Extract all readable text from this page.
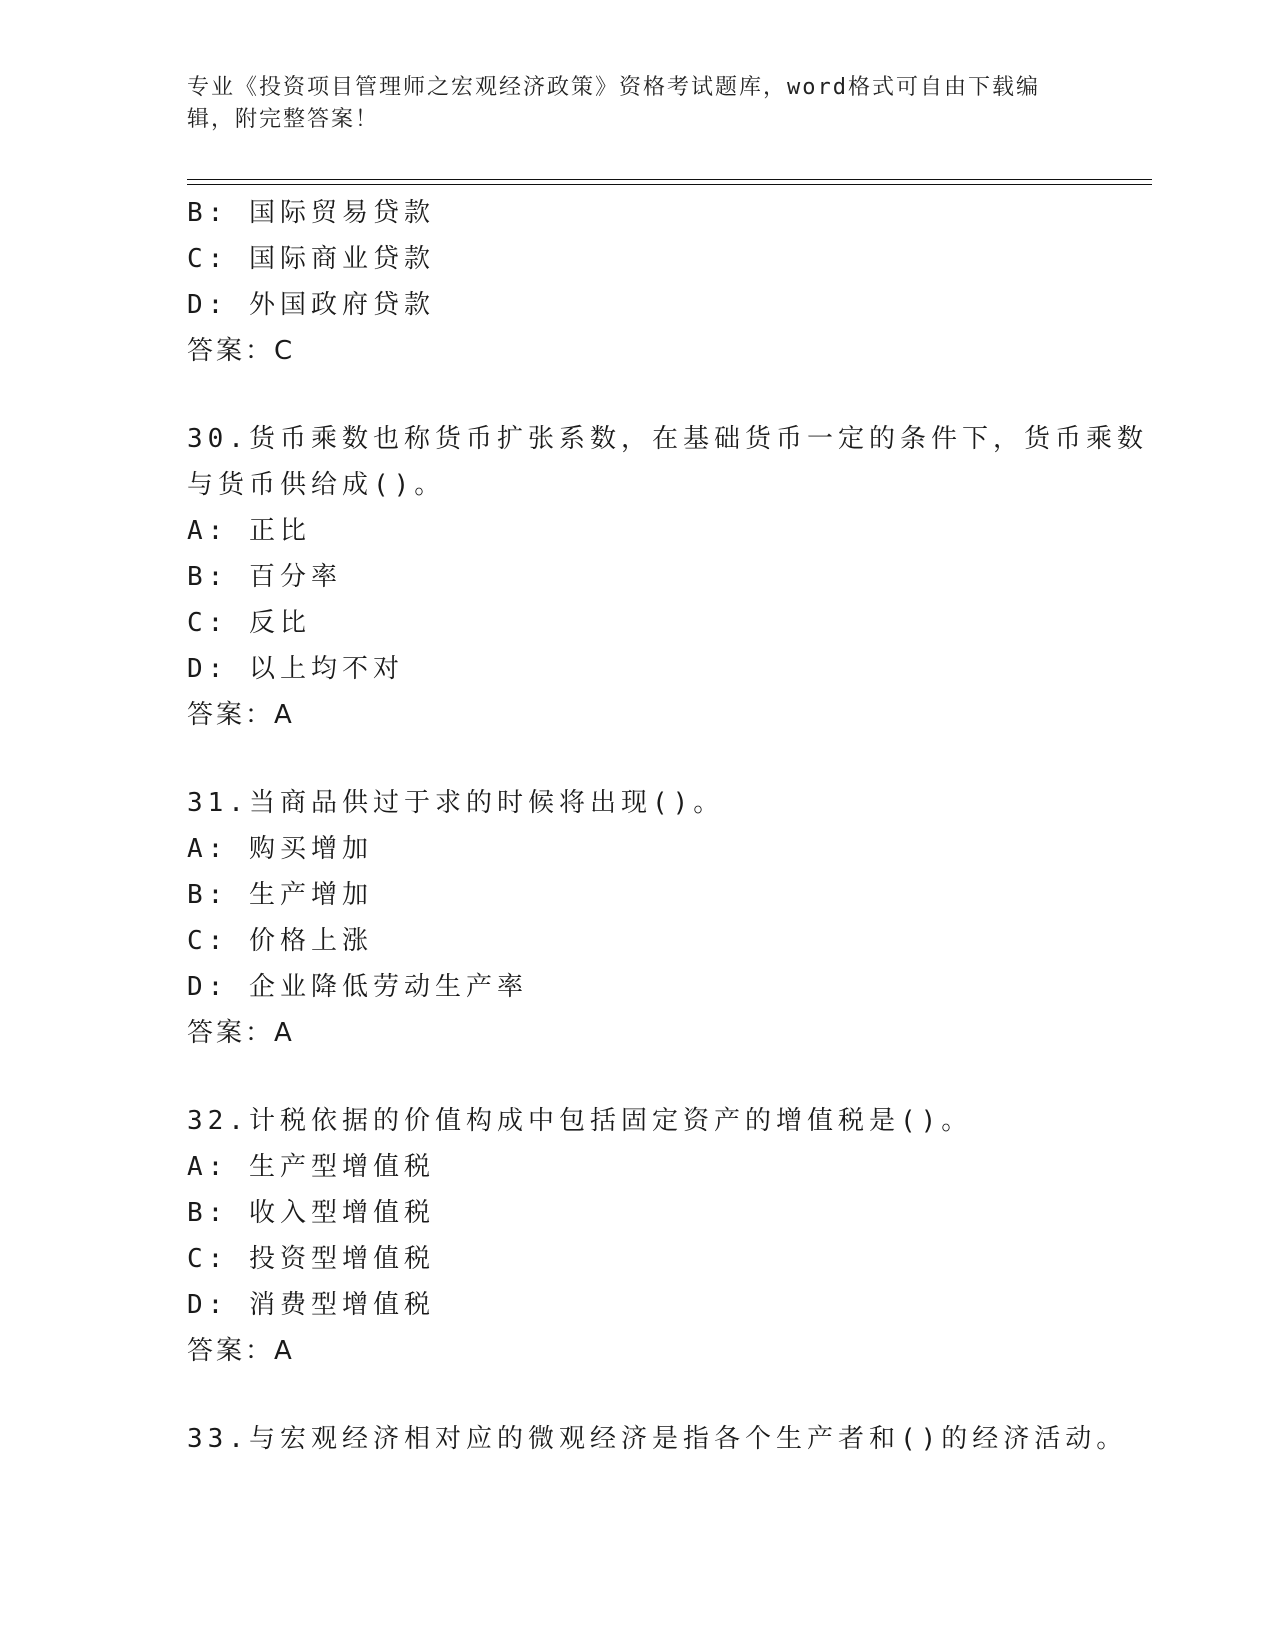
专业《投资项目管理师之宏观经济政策》资格考试题库，word格式可自由下载编
辑，附完整答案！
B: 国际贸易贷款
C: 国际商业贷款
D: 外国政府贷款
答案：C
30.货币乘数也称货币扩张系数，在基础货币一定的条件下，货币乘数
与货币供给成()。
A: 正比
B: 百分率
C: 反比
D: 以上均不对
答案：A
31.当商品供过于求的时候将出现()。
A: 购买增加
B: 生产增加
C: 价格上涨
D: 企业降低劳动生产率
答案：A
32.计税依据的价值构成中包括固定资产的增值税是()。
A: 生产型增值税
B: 收入型增值税
C: 投资型增值税
D: 消费型增值税
答案：A
33.与宏观经济相对应的微观经济是指各个生产者和()的经济活动。
